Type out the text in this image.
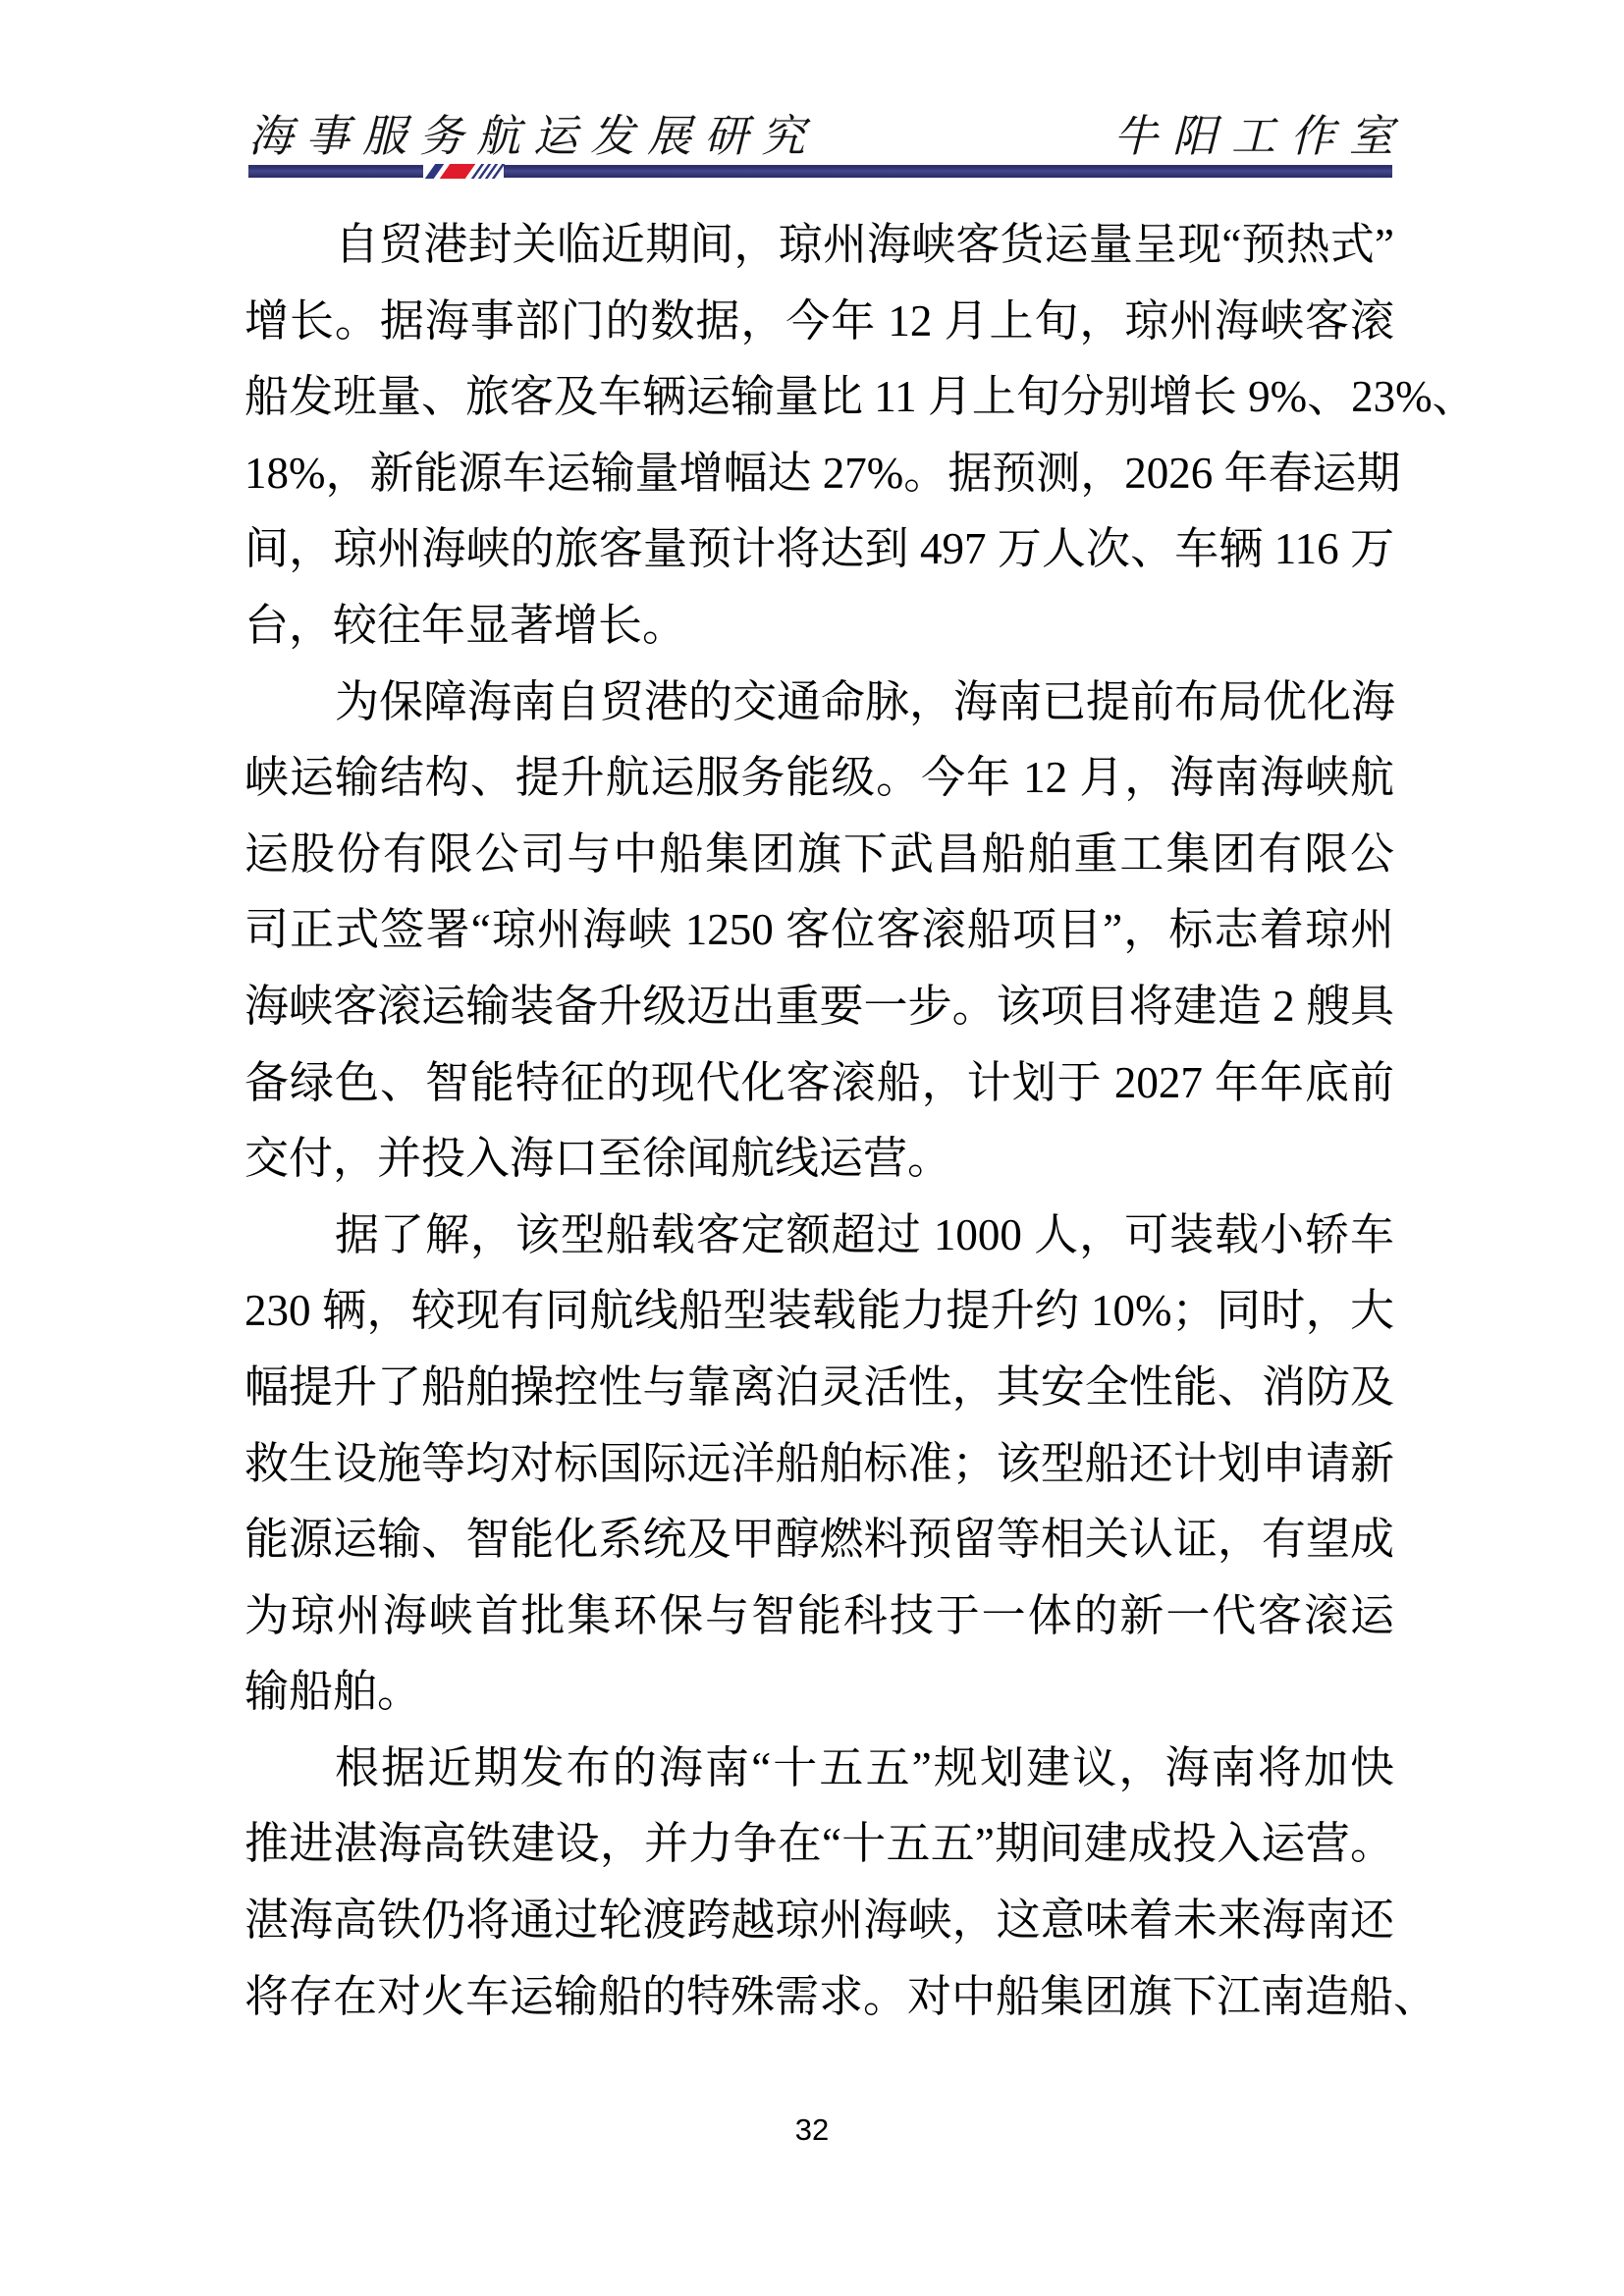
海事服务航运发展研究	牛阳工作室
自贸港封关临近期间，琼州海峡客货运量呈现“预热式”
增长。据海事部门的数据，今年 12 月上旬，琼州海峡客滚
船发班量、旅客及车辆运输量比 11 月上旬分别增长 9%、23%、
18%，新能源车运输量增幅达 27%。据预测，2026 年春运期
间，琼州海峡的旅客量预计将达到 497 万人次、车辆 116 万
台，较往年显著增长。
为保障海南自贸港的交通命脉，海南已提前布局优化海
峡运输结构、提升航运服务能级。今年 12 月，海南海峡航
运股份有限公司与中船集团旗下武昌船舶重工集团有限公
司正式签署“琼州海峡 1250 客位客滚船项目”，标志着琼州
海峡客滚运输装备升级迈出重要一步。该项目将建造 2 艘具
备绿色、智能特征的现代化客滚船，计划于 2027 年年底前
交付，并投入海口至徐闻航线运营。
据了解，该型船载客定额超过 1000 人，可装载小轿车
230 辆，较现有同航线船型装载能力提升约 10%；同时，大
幅提升了船舶操控性与靠离泊灵活性，其安全性能、消防及
救生设施等均对标国际远洋船舶标准；该型船还计划申请新
能源运输、智能化系统及甲醇燃料预留等相关认证，有望成
为琼州海峡首批集环保与智能科技于一体的新一代客滚运
输船舶。
根据近期发布的海南“十五五”规划建议，海南将加快
推进湛海高铁建设，并力争在“十五五”期间建成投入运营。
湛海高铁仍将通过轮渡跨越琼州海峡，这意味着未来海南还
将存在对火车运输船的特殊需求。对中船集团旗下江南造船、
32
